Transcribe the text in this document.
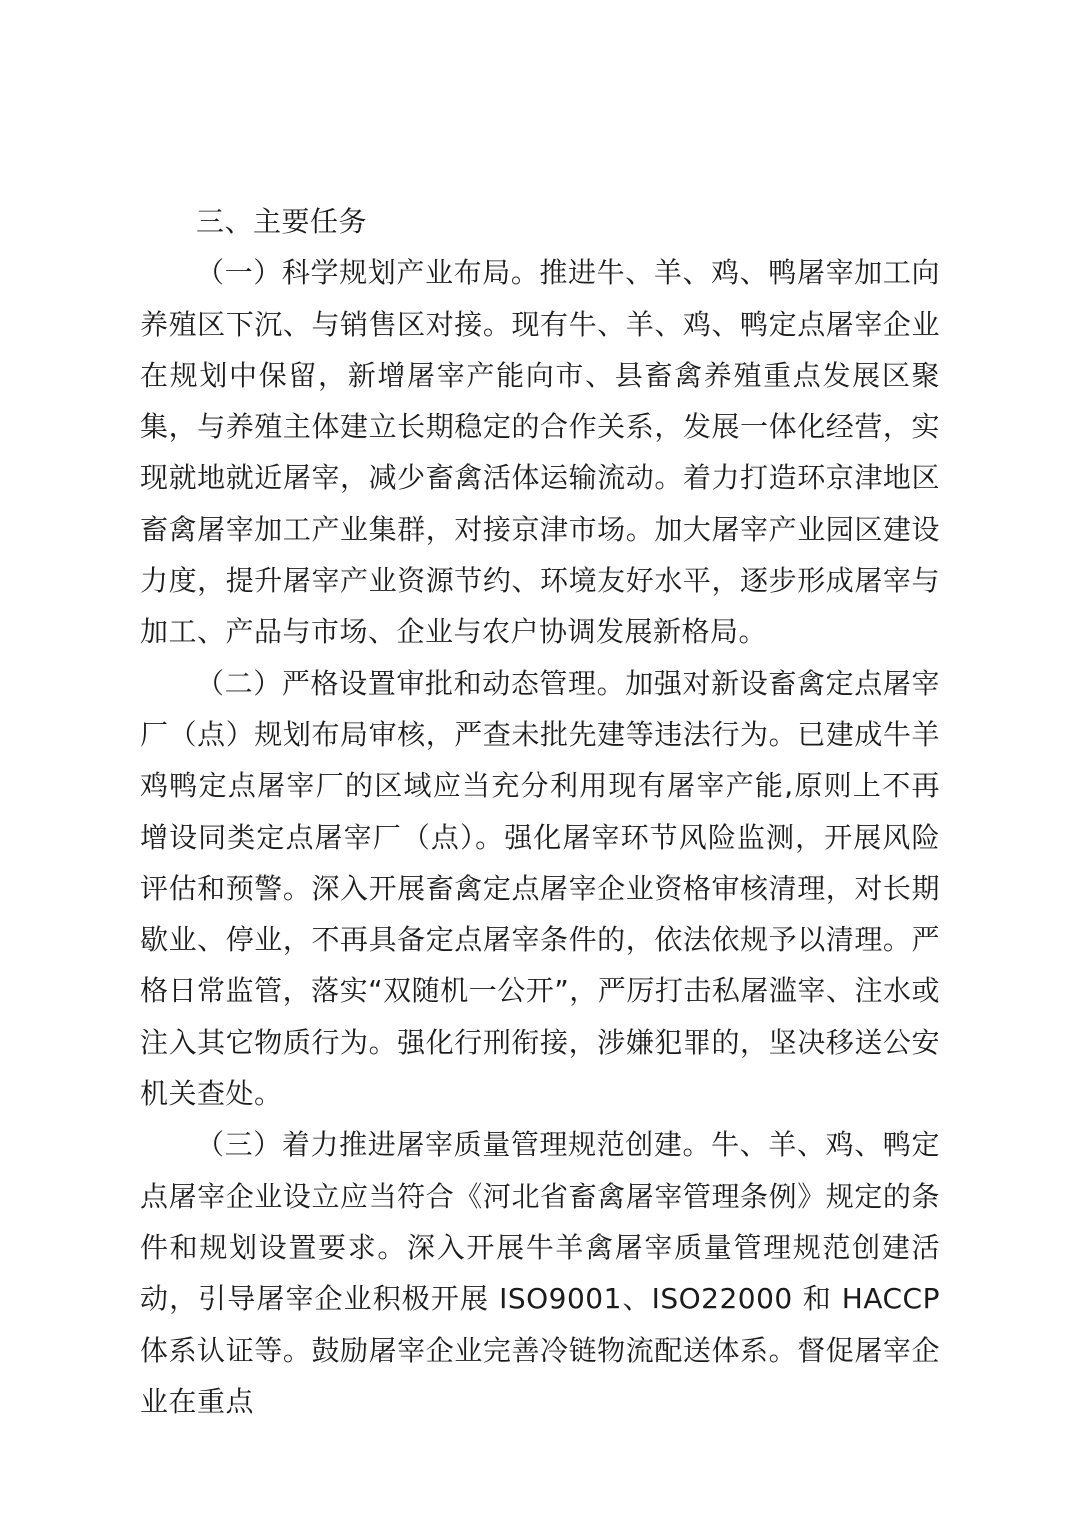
三、主要任务

（一）科学规划产业布局。推进牛、羊、鸡、鸭屠宰加工向养殖区下沉、与销售区对接。现有牛、羊、鸡、鸭定点屠宰企业在规划中保留，新增屠宰产能向市、县畜禽养殖重点发展区聚集，与养殖主体建立长期稳定的合作关系，发展一体化经营，实现就地就近屠宰，减少畜禽活体运输流动。着力打造环京津地区畜禽屠宰加工产业集群，对接京津市场。加大屠宰产业园区建设力度，提升屠宰产业资源节约、环境友好水平，逐步形成屠宰与加工、产品与市场、企业与农户协调发展新格局。

（二）严格设置审批和动态管理。加强对新设畜禽定点屠宰厂（点）规划布局审核，严查未批先建等违法行为。已建成牛羊鸡鸭定点屠宰厂的区域应当充分利用现有屠宰产能,原则上不再增设同类定点屠宰厂（点）。强化屠宰环节风险监测，开展风险评估和预警。深入开展畜禽定点屠宰企业资格审核清理，对长期歇业、停业，不再具备定点屠宰条件的，依法依规予以清理。严格日常监管，落实“双随机一公开”，严厉打击私屠滥宰、注水或注入其它物质行为。强化行刑衔接，涉嫌犯罪的，坚决移送公安机关查处。

（三）着力推进屠宰质量管理规范创建。牛、羊、鸡、鸭定点屠宰企业设立应当符合《河北省畜禽屠宰管理条例》规定的条件和规划设置要求。深入开展牛羊禽屠宰质量管理规范创建活动，引导屠宰企业积极开展 ISO9001、ISO22000 和 HACCP 体系认证等。鼓励屠宰企业完善冷链物流配送体系。督促屠宰企业在重点
